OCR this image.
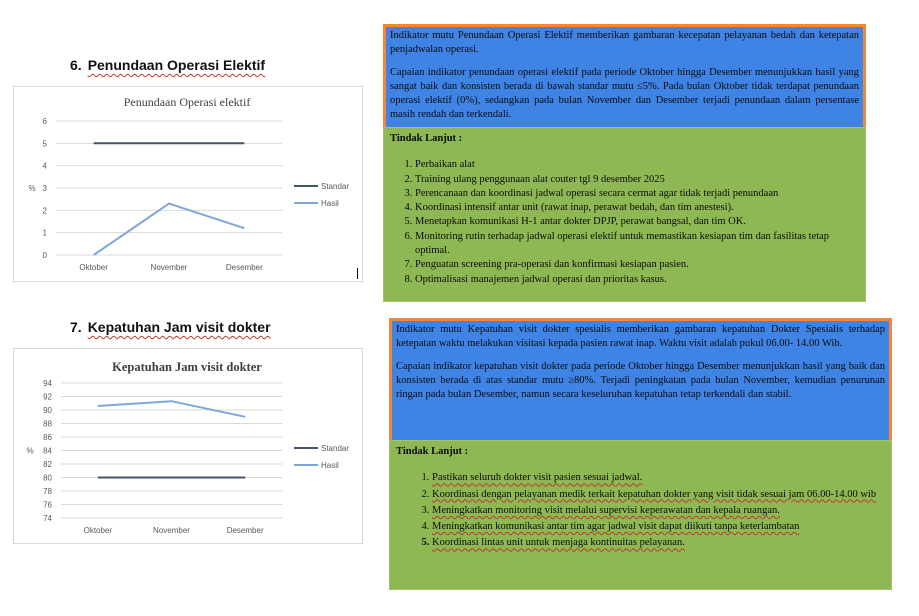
6. Penundaan Operasi Elektif
Penundaan Operasi elektif
0
1
2
3
4
5
6
Oktober	November	Desember
%	Standar
Hasil

Indikator mutu Penundaan Operasi Elektif memberikan gambaran kecepatan pelayanan bedah dan ketepatan penjadwalan operasi.

Capaian indikator penundaan operasi elektif pada periode Oktober hingga Desember menunjukkan hasil yang sangat baik dan konsisten berada di bawah standar mutu ≤5%. Pada bulan Oktober tidak terdapat penundaan operasi elektif (0%), sedangkan pada bulan November dan Desember terjadi penundaan dalam persentase masih rendah dan terkendali.

Tindak Lanjut :
1. Perbaikan alat
2. Training ulang penggunaan alat couter tgl 9 desember 2025
3. Perencanaan dan koordinasi jadwal operasi secara cermat agar tidak terjadi penundaan
4. Koordinasi intensif antar unit (rawat inap, perawat bedah, dan tim anestesi).
5. Menetapkan komunikasi H-1 antar dokter DPJP, perawat bangsal, dan tim OK.
6. Monitoring rutin terhadap jadwal operasi elektif untuk memastikan kesiapan tim dan fasilitas tetap optimal.
7. Penguatan screening pra-operasi dan konfirmasi kesiapan pasien.
8. Optimalisasi manajemen jadwal operasi dan prioritas kasus.
7. Kepatuhan Jam visit dokter
Kepatuhan Jam visit dokter
74
76
78
80
82
84
86
88
90
92
94
Oktober	November	Desember
%	Standar
Hasil

Indikator mutu Kepatuhan visit dokter spesialis memberikan gambaran kepatuhan Dokter Spesialis terhadap ketepatan waktu melakukan visitasi kepada pasien rawat inap. Waktu visit adalah pukul 06.00- 14.00 Wib.

Capaian indikator kepatuhan visit dokter pada periode Oktober hingga Desember menunjukkan hasil yang baik dan konsisten berada di atas standar mutu ≥80%. Terjadi peningkatan pada bulan November, kemudian penurunan ringan pada bulan Desember, namun secara keseluruhan kepatuhan tetap terkendali dan stabil.

Tindak Lanjut :
1. Pastikan seluruh dokter visit pasien sesuai jadwal.
2. Koordinasi dengan pelayanan medik terkait kepatuhan dokter yang visit tidak sesuai jam 06.00-14.00 wib
3. Meningkatkan monitoring visit melalui supervisi keperawatan dan kepala ruangan.
4. Meningkatkan komunikasi antar tim agar jadwal visit dapat diikuti tanpa keterlambatan
5. Koordinasi lintas unit untuk menjaga kontinuitas pelayanan.
